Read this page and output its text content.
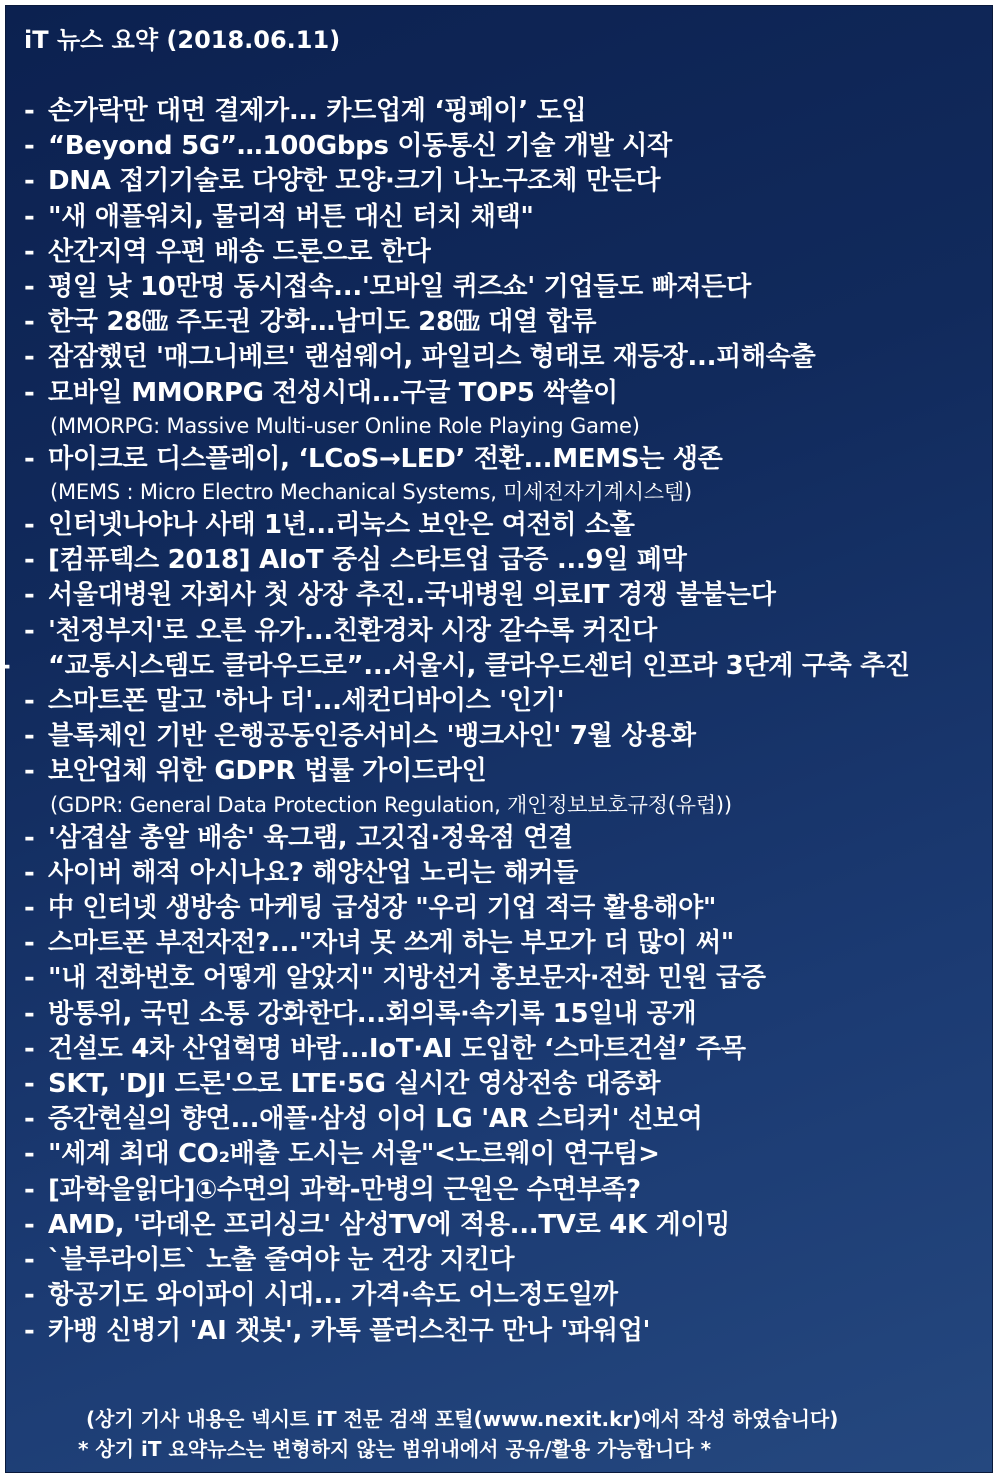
iT 뉴스 요약 (2018.06.11)
- 손가락만 대면 결제가... 카드업계 ‘핑페이’ 도입
- “Beyond 5G”…100Gbps 이동통신 기술 개발 시작
- DNA 접기기술로 다양한 모양·크기 나노구조체 만든다
- "새 애플워치, 물리적 버튼 대신 터치 채택"
- 산간지역 우편 배송 드론으로 한다
- 평일 낮 10만명 동시접속...'모바일 퀴즈쇼' 기업들도 빠져든다
- 한국 28㎓ 주도권 강화…남미도 28㎓ 대열 합류
- 잠잠했던 '매그니베르' 랜섬웨어, 파일리스 형태로 재등장...피해속출
- 모바일 MMORPG 전성시대...구글 TOP5 싹쓸이
(MMORPG: Massive Multi-user Online Role Playing Game)
- 마이크로 디스플레이, ‘LCoS→LED’ 전환...MEMS는 생존
(MEMS : Micro Electro Mechanical Systems, 미세전자기계시스템)
- 인터넷나야나 사태 1년...리눅스 보안은 여전히 소홀
- [컴퓨텍스 2018] AIoT 중심 스타트업 급증 ...9일 폐막
- 서울대병원 자회사 첫 상장 추진..국내병원 의료IT 경쟁 불붙는다
- '천정부지'로 오른 유가...친환경차 시장 갈수록 커진다
- “교통시스템도 클라우드로”...서울시, 클라우드센터 인프라 3단계 구축 추진
- 스마트폰 말고 '하나 더'...세컨디바이스 '인기'
- 블록체인 기반 은행공동인증서비스 '뱅크사인' 7월 상용화
- 보안업체 위한 GDPR 법률 가이드라인
(GDPR: General Data Protection Regulation, 개인정보보호규정(유럽))
- '삼겹살 총알 배송' 육그램, 고깃집·정육점 연결
- 사이버 해적 아시나요? 해양산업 노리는 해커들
- 中 인터넷 생방송 마케팅 급성장 "우리 기업 적극 활용해야"
- 스마트폰 부전자전?..."자녀 못 쓰게 하는 부모가 더 많이 써"
- "내 전화번호 어떻게 알았지" 지방선거 홍보문자·전화 민원 급증
- 방통위, 국민 소통 강화한다...회의록·속기록 15일내 공개
- 건설도 4차 산업혁명 바람...IoT·AI 도입한 ‘스마트건설’ 주목
- SKT, 'DJI 드론'으로 LTE·5G 실시간 영상전송 대중화
- 증간현실의 향연...애플·삼성 이어 LG 'AR 스티커' 선보여
- "세계 최대 CO₂배출 도시는 서울"<노르웨이 연구팀>
- [과학을읽다]①수면의 과학-만병의 근원은 수면부족?
- AMD, '라데온 프리싱크' 삼성TV에 적용...TV로 4K 게이밍
- `블루라이트` 노출 줄여야 눈 건강 지킨다
- 항공기도 와이파이 시대... 가격·속도 어느정도일까
- 카뱅 신병기 'AI 챗봇', 카톡 플러스친구 만나 '파워업'
(상기 기사 내용은 넥시트 iT 전문 검색 포털(www.nexit.kr)에서 작성 하였습니다)
* 상기 iT 요약뉴스는 변형하지 않는 범위내에서 공유/활용 가능합니다 *
